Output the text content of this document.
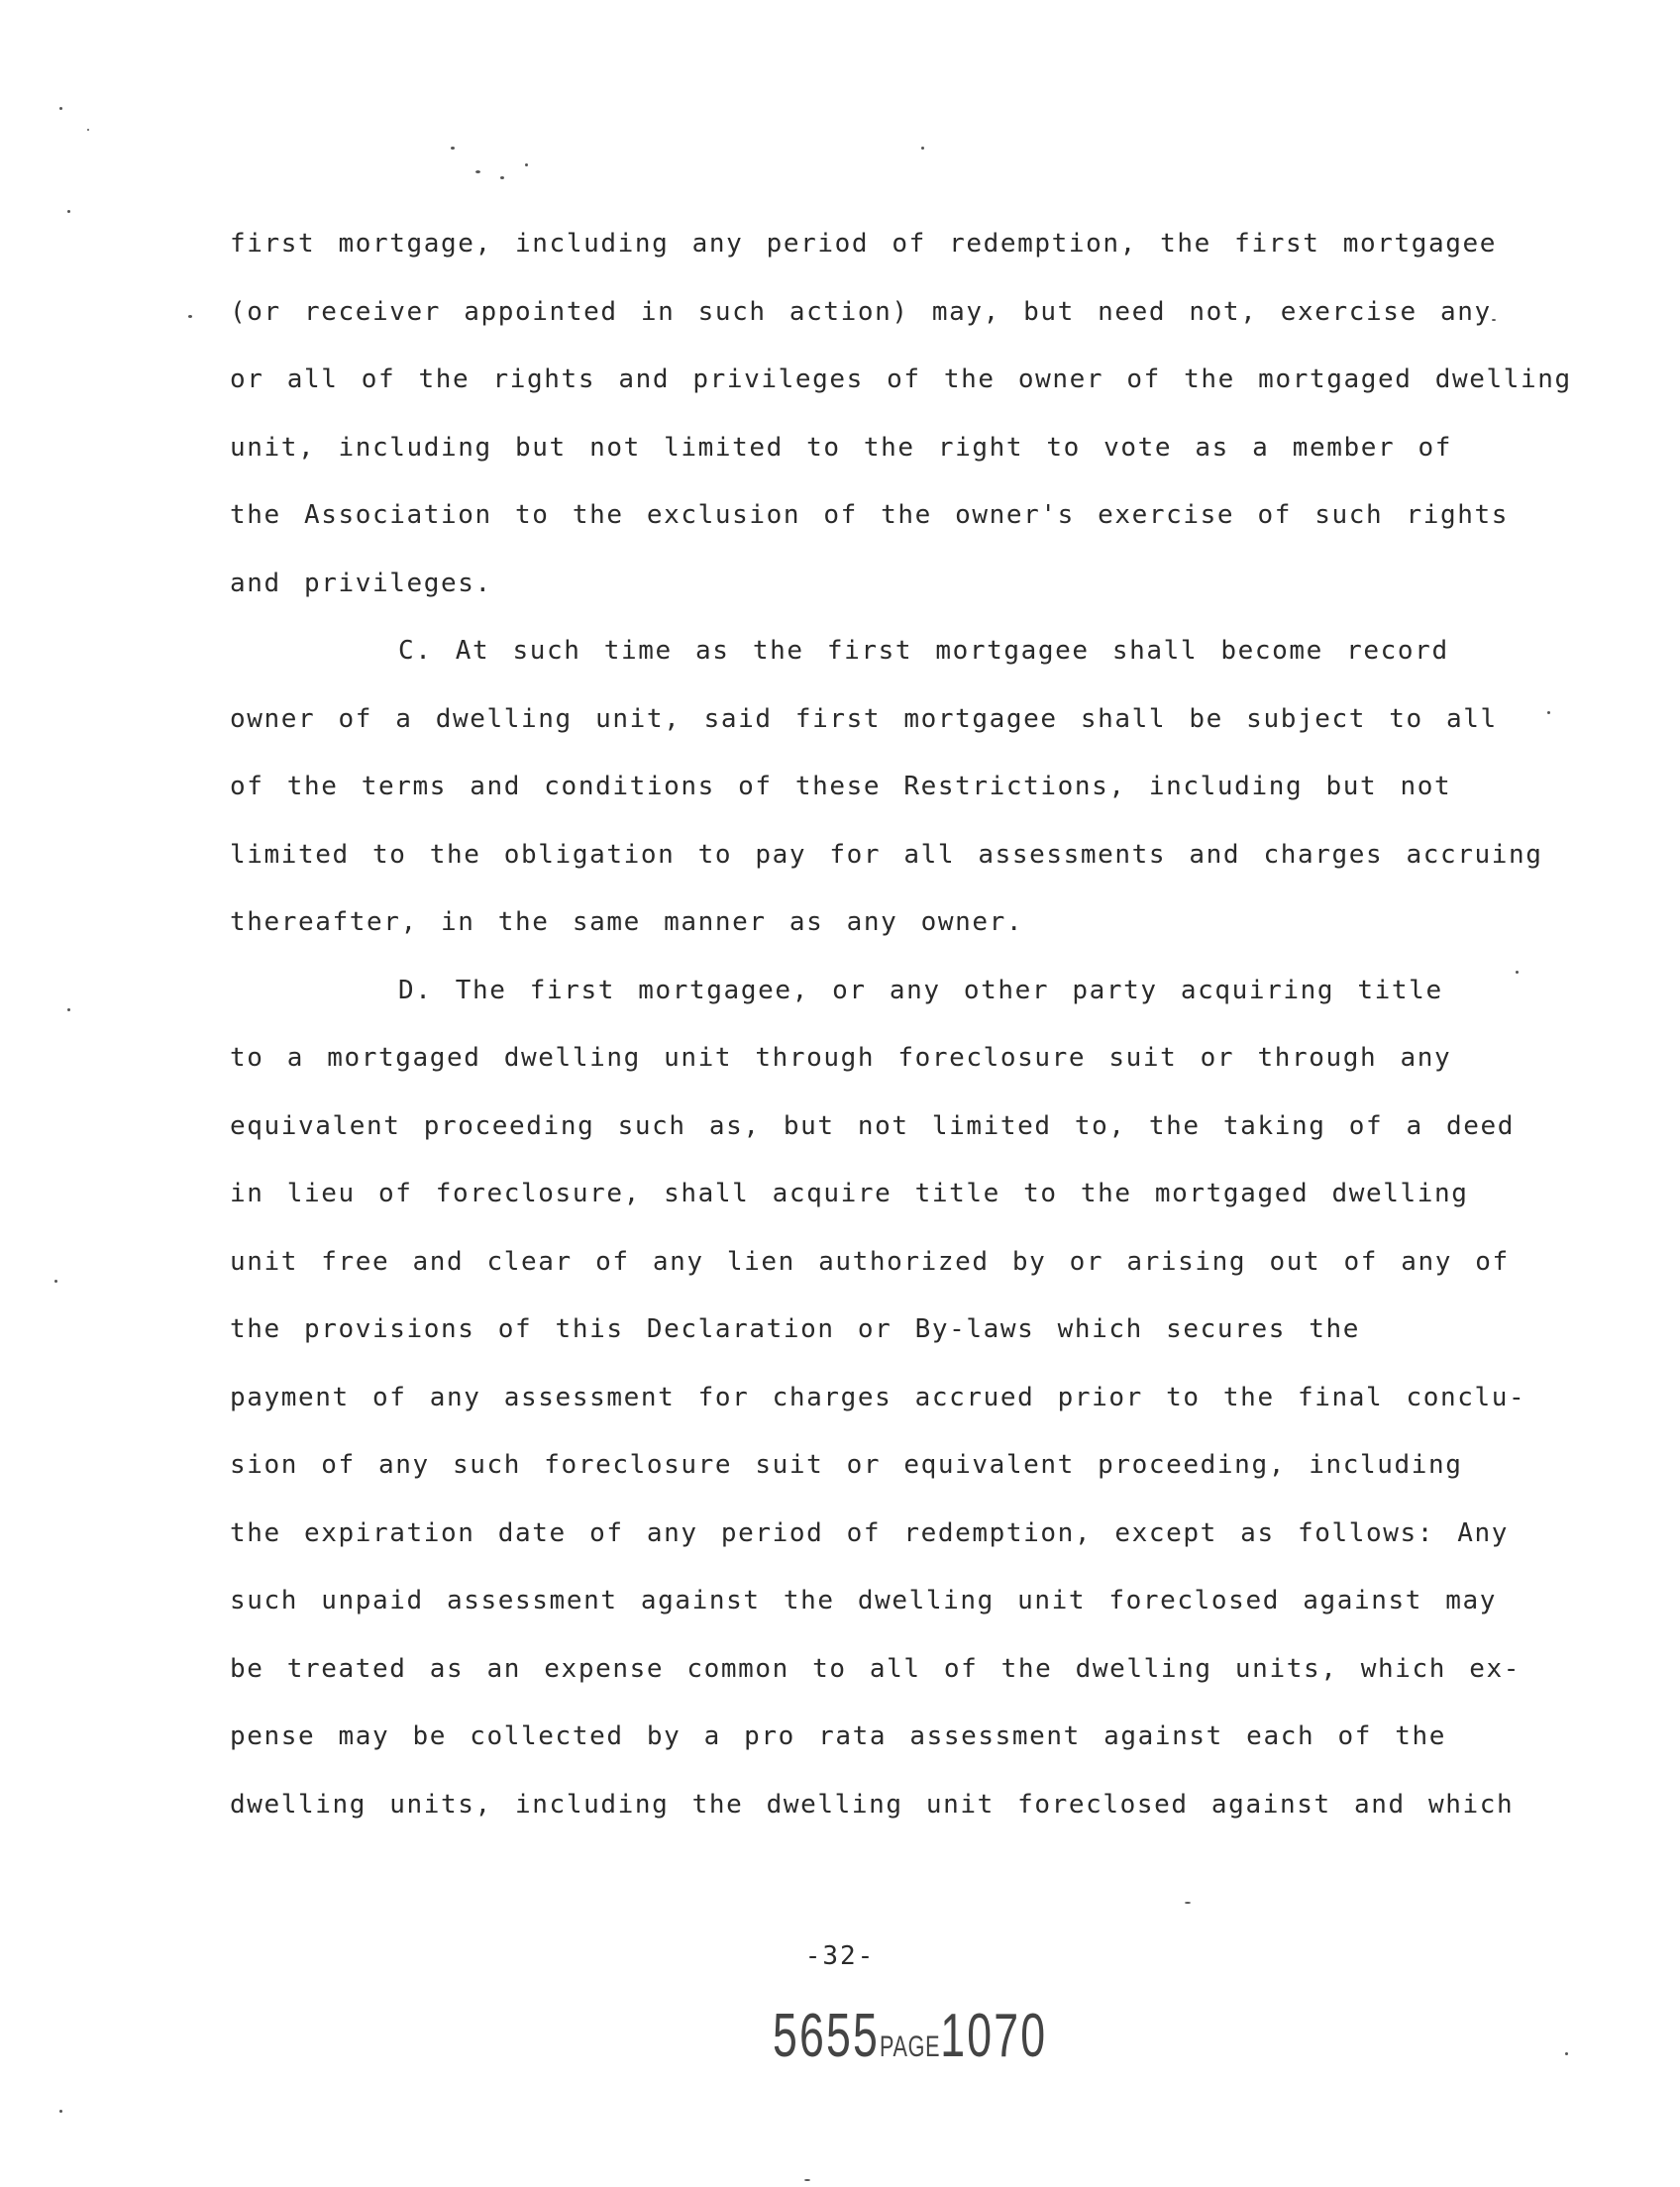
first mortgage, including any period of redemption, the first mortgagee
(or receiver appointed in such action) may, but need not, exercise any
or all of the rights and privileges of the owner of the mortgaged dwelling
unit, including but not limited to the right to vote as a member of
the Association to the exclusion of the owner's exercise of such rights
and privileges.
C. At such time as the first mortgagee shall become record
owner of a dwelling unit, said first mortgagee shall be subject to all
of the terms and conditions of these Restrictions, including but not
limited to the obligation to pay for all assessments and charges accruing
thereafter, in the same manner as any owner.
D. The first mortgagee, or any other party acquiring title
to a mortgaged dwelling unit through foreclosure suit or through any
equivalent proceeding such as, but not limited to, the taking of a deed
in lieu of foreclosure, shall acquire title to the mortgaged dwelling
unit free and clear of any lien authorized by or arising out of any of
the provisions of this Declaration or By-laws which secures the
payment of any assessment for charges accrued prior to the final conclu-
sion of any such foreclosure suit or equivalent proceeding, including
the expiration date of any period of redemption, except as follows: Any
such unpaid assessment against the dwelling unit foreclosed against may
be treated as an expense common to all of the dwelling units, which ex-
pense may be collected by a pro rata assessment against each of the
dwelling units, including the dwelling unit foreclosed against and which
-32-
5655PAGE1070
